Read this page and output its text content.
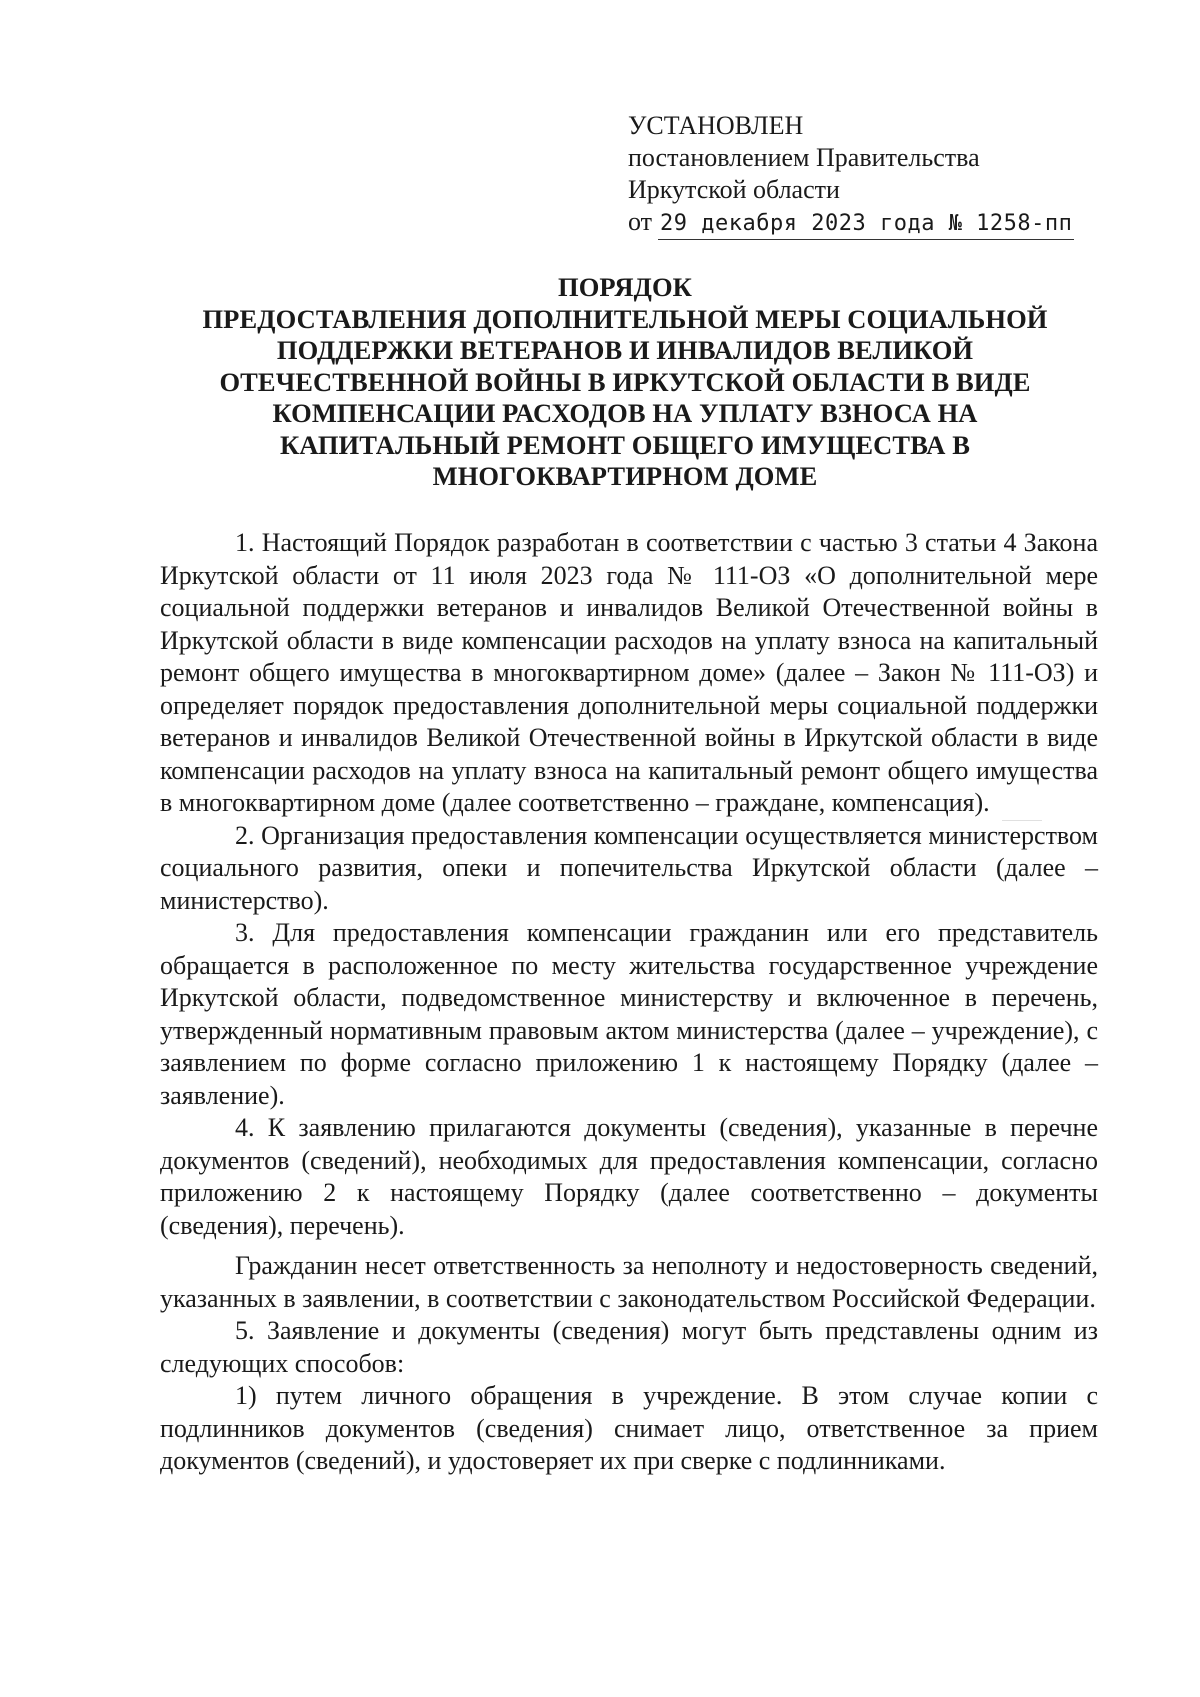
УСТАНОВЛЕН
постановлением Правительства
Иркутской области
от 29 декабря 2023 года № 1258-пп
ПОРЯДОК
ПРЕДОСТАВЛЕНИЯ ДОПОЛНИТЕЛЬНОЙ МЕРЫ СОЦИАЛЬНОЙ
ПОДДЕРЖКИ ВЕТЕРАНОВ И ИНВАЛИДОВ ВЕЛИКОЙ
ОТЕЧЕСТВЕННОЙ ВОЙНЫ В ИРКУТСКОЙ ОБЛАСТИ В ВИДЕ
КОМПЕНСАЦИИ РАСХОДОВ НА УПЛАТУ ВЗНОСА НА
КАПИТАЛЬНЫЙ РЕМОНТ ОБЩЕГО ИМУЩЕСТВА В
МНОГОКВАРТИРНОМ ДОМЕ

1. Настоящий Порядок разработан в соответствии с частью 3 статьи 4 Закона Иркутской области от 11 июля 2023 года № 111-ОЗ «О дополнительной мере социальной поддержки ветеранов и инвалидов Великой Отечественной войны в Иркутской области в виде компенсации расходов на уплату взноса на капитальный ремонт общего имущества в многоквартирном доме» (далее – Закон № 111-ОЗ) и определяет порядок предоставления дополнительной меры социальной поддержки ветеранов и инвалидов Великой Отечественной войны в Иркутской области в виде компенсации расходов на уплату взноса на капитальный ремонт общего имущества в многоквартирном доме (далее соответственно – граждане, компенсация).

2. Организация предоставления компенсации осуществляется министерством социального развития, опеки и попечительства Иркутской области (далее – министерство).

3. Для предоставления компенсации гражданин или его представитель обращается в расположенное по месту жительства государственное учреждение Иркутской области, подведомственное министерству и включенное в перечень, утвержденный нормативным правовым актом министерства (далее – учреждение), с заявлением по форме согласно приложению 1 к настоящему Порядку (далее – заявление).

4. К заявлению прилагаются документы (сведения), указанные в перечне документов (сведений), необходимых для предоставления компенсации, согласно приложению 2 к настоящему Порядку (далее соответственно – документы (сведения), перечень).

Гражданин несет ответственность за неполноту и недостоверность сведений, указанных в заявлении, в соответствии с законодательством Российской Федерации.

5. Заявление и документы (сведения) могут быть представлены одним из следующих способов:

1) путем личного обращения в учреждение. В этом случае копии с подлинников документов (сведения) снимает лицо, ответственное за прием документов (сведений), и удостоверяет их при сверке с подлинниками.
